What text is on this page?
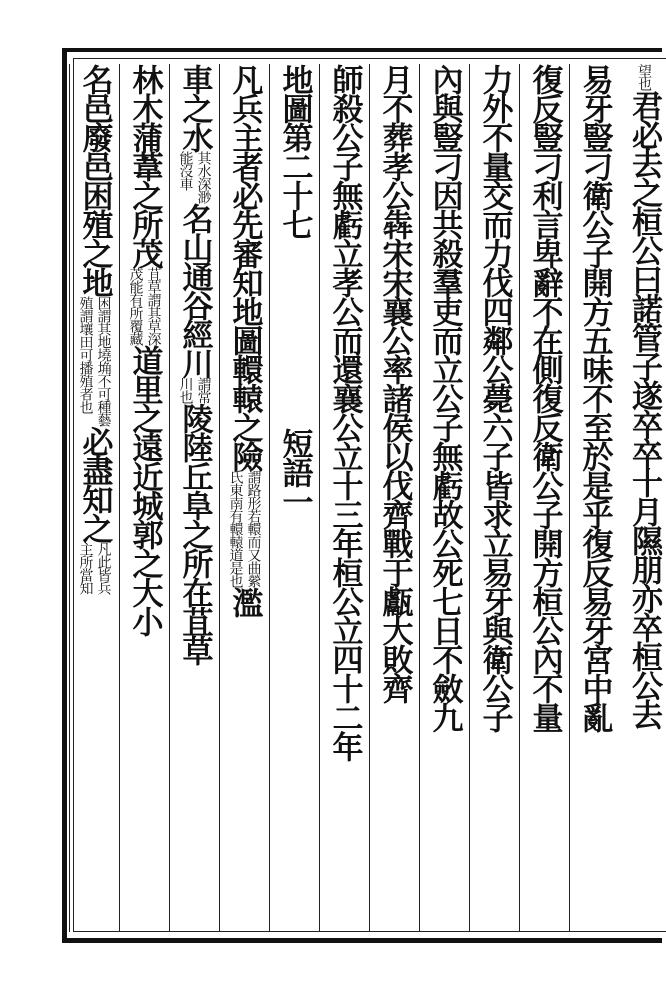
望也
君必去之桓公曰諾管子遂卒卒十月隰朋亦卒桓公去
易牙豎刁衛公子開方五味不至於是乎復反易牙宮中亂
復反豎刁利言卑辭不在側復反衛公子開方桓公內不量
力外不量交而力伐四鄰公薨六子皆求立易牙與衛公子
內與豎刁因共殺羣吏而立公子無虧故公死七日不斂九
月不葬孝公犇宋宋襄公率諸侯以伐齊戰于甗大敗齊
師殺公子無虧立孝公而還襄公立十三年桓公立四十二年
地圖第二十七
短語一
凡兵主者必先審知地圖轘轅之險
謂路形若轘而又曲縈
氏東南有轘轅道是也
濫
車之水
其水深渺
能沒車
名山通谷經川
謂常
川也
陵陸丘阜之所在苴草
林木蒲葦之所茂
苴草謂其草深
茂能有所覆藏
道里之遠近城郭之大小
名邑廢邑困殖之地
困謂其地墝埆不可種藝
殖謂壤田可播殖者也
必盡知之
凡此皆兵
主所當知
